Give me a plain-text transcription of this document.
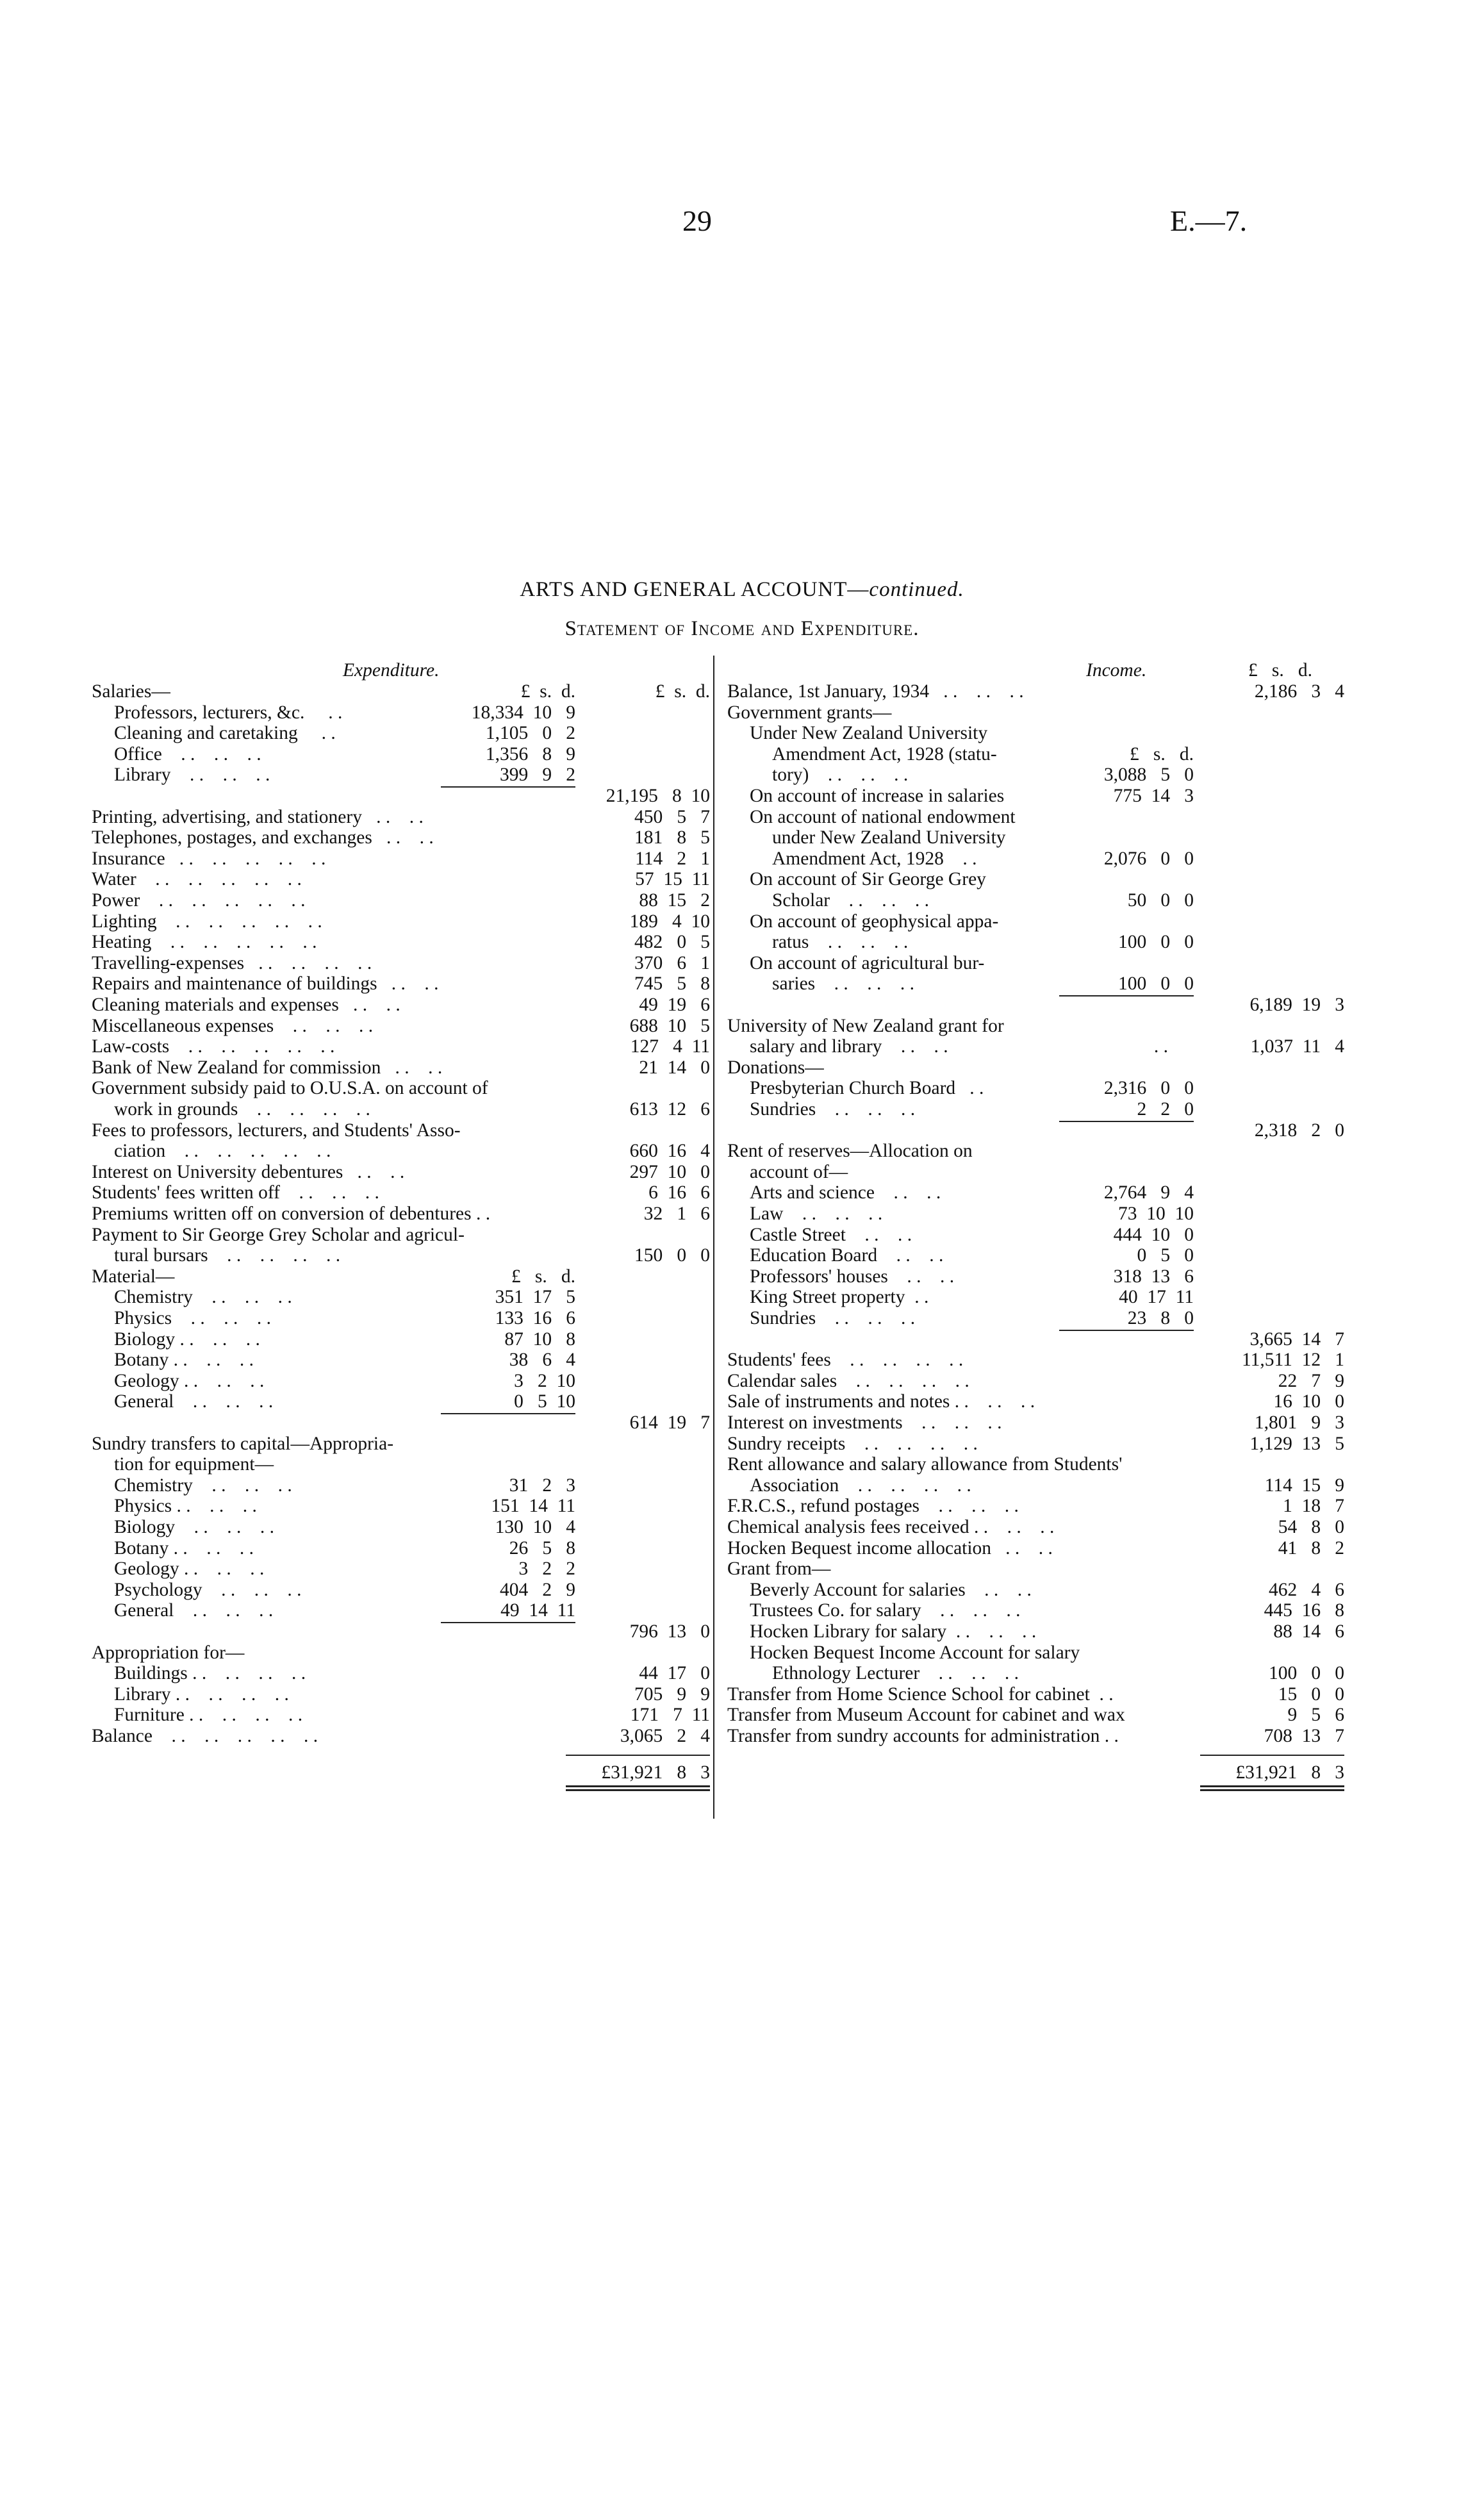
29	E.—7.
ARTS AND GENERAL ACCOUNT—continued.
Statement of Income and Expenditure.
Expenditure.
Salaries—	£  s.  d.
£  s.  d.
Professors, lecturers, &c.     . .	18,334  10   9
Cleaning and caretaking     . .	1,105   0   2
Office    . .    . .    . .	1,356   8   9
Library    . .    . .    . .	399   9   2
21,195   8  10
Printing, advertising, and stationery   . .    . .	450   5   7
Telephones, postages, and exchanges   . .    . .	181   8   5
Insurance   . .    . .    . .    . .    . .	114   2   1
Water    . .    . .    . .    . .    . .	57  15  11
Power    . .    . .    . .    . .    . .	88  15   2
Lighting    . .    . .    . .    . .    . .	189   4  10
Heating    . .    . .    . .    . .    . .	482   0   5
Travelling-expenses   . .    . .    . .    . .	370   6   1
Repairs and maintenance of buildings   . .    . .	745   5   8
Cleaning materials and expenses   . .    . .	49  19   6
Miscellaneous expenses    . .    . .    . .	688  10   5
Law-costs    . .    . .    . .    . .    . .	127   4  11
Bank of New Zealand for commission   . .    . .	21  14   0
Government subsidy paid to O.U.S.A. on account of
work in grounds    . .    . .    . .    . .	613  12   6
Fees to professors, lecturers, and Students' Asso-
ciation    . .    . .    . .    . .    . .	660  16   4
Interest on University debentures   . .    . .	297  10   0
Students' fees written off    . .    . .    . .	6  16   6
Premiums written off on conversion of debentures . .	32   1   6
Payment to Sir George Grey Scholar and agricul-
tural bursars    . .    . .    . .    . .	150   0   0
Material—	£   s.   d.
Chemistry    . .    . .    . .	351  17   5
Physics    . .    . .    . .	133  16   6
Biology . .    . .    . .	87  10   8
Botany . .    . .    . .	38   6   4
Geology . .    . .    . .	3   2  10
General    . .    . .    . .	0   5  10
614  19   7
Sundry transfers to capital—Appropria-
tion for equipment—
Chemistry    . .    . .    . .	31   2   3
Physics . .    . .    . .	151  14  11
Biology    . .    . .    . .	130  10   4
Botany . .    . .    . .	26   5   8
Geology . .    . .    . .	3   2   2
Psychology    . .    . .    . .	404   2   9
General    . .    . .    . .	49  14  11
796  13   0
Appropriation for—
Buildings . .    . .    . .    . .	44  17   0
Library . .    . .    . .    . .	705   9   9
Furniture . .    . .    . .    . .	171   7  11
Balance    . .    . .    . .    . .    . .	3,065   2   4
£31,921   8   3
Income.	£   s.   d.
Balance, 1st January, 1934   . .    . .    . .	2,186   3   4
Government grants—
Under New Zealand University
Amendment Act, 1928 (statu-	£   s.   d.
tory)    . .    . .    . .	3,088   5   0
On account of increase in salaries	775  14   3
On account of national endowment
under New Zealand University
Amendment Act, 1928    . .	2,076   0   0
On account of Sir George Grey
Scholar    . .    . .    . .	50   0   0
On account of geophysical appa-
ratus    . .    . .    . .	100   0   0
On account of agricultural bur-
saries    . .    . .    . .	100   0   0
6,189  19   3
University of New Zealand grant for
salary and library    . .    . .	. .	1,037  11   4
Donations—
Presbyterian Church Board   . .	2,316   0   0
Sundries    . .    . .    . .	2   2   0
2,318   2   0
Rent of reserves—Allocation on
account of—
Arts and science    . .    . .	2,764   9   4
Law    . .    . .    . .	73  10  10
Castle Street    . .    . .	444  10   0
Education Board    . .    . .	0   5   0
Professors' houses    . .    . .	318  13   6
King Street property  . .	40  17  11
Sundries    . .    . .    . .	23   8   0
3,665  14   7
Students' fees    . .    . .    . .    . .	11,511  12   1
Calendar sales    . .    . .    . .    . .	22   7   9
Sale of instruments and notes . .    . .    . .	16  10   0
Interest on investments    . .    . .    . .	1,801   9   3
Sundry receipts    . .    . .    . .    . .	1,129  13   5
Rent allowance and salary allowance from Students'
Association    . .    . .    . .    . .	114  15   9
F.R.C.S., refund postages    . .    . .    . .	1  18   7
Chemical analysis fees received . .    . .    . .	54   8   0
Hocken Bequest income allocation   . .    . .	41   8   2
Grant from—
Beverly Account for salaries    . .    . .	462   4   6
Trustees Co. for salary    . .    . .    . .	445  16   8
Hocken Library for salary  . .    . .    . .	88  14   6
Hocken Bequest Income Account for salary
Ethnology Lecturer    . .    . .    . .	100   0   0
Transfer from Home Science School for cabinet  . .	15   0   0
Transfer from Museum Account for cabinet and wax	9   5   6
Transfer from sundry accounts for administration . .	708  13   7
£31,921   8   3
